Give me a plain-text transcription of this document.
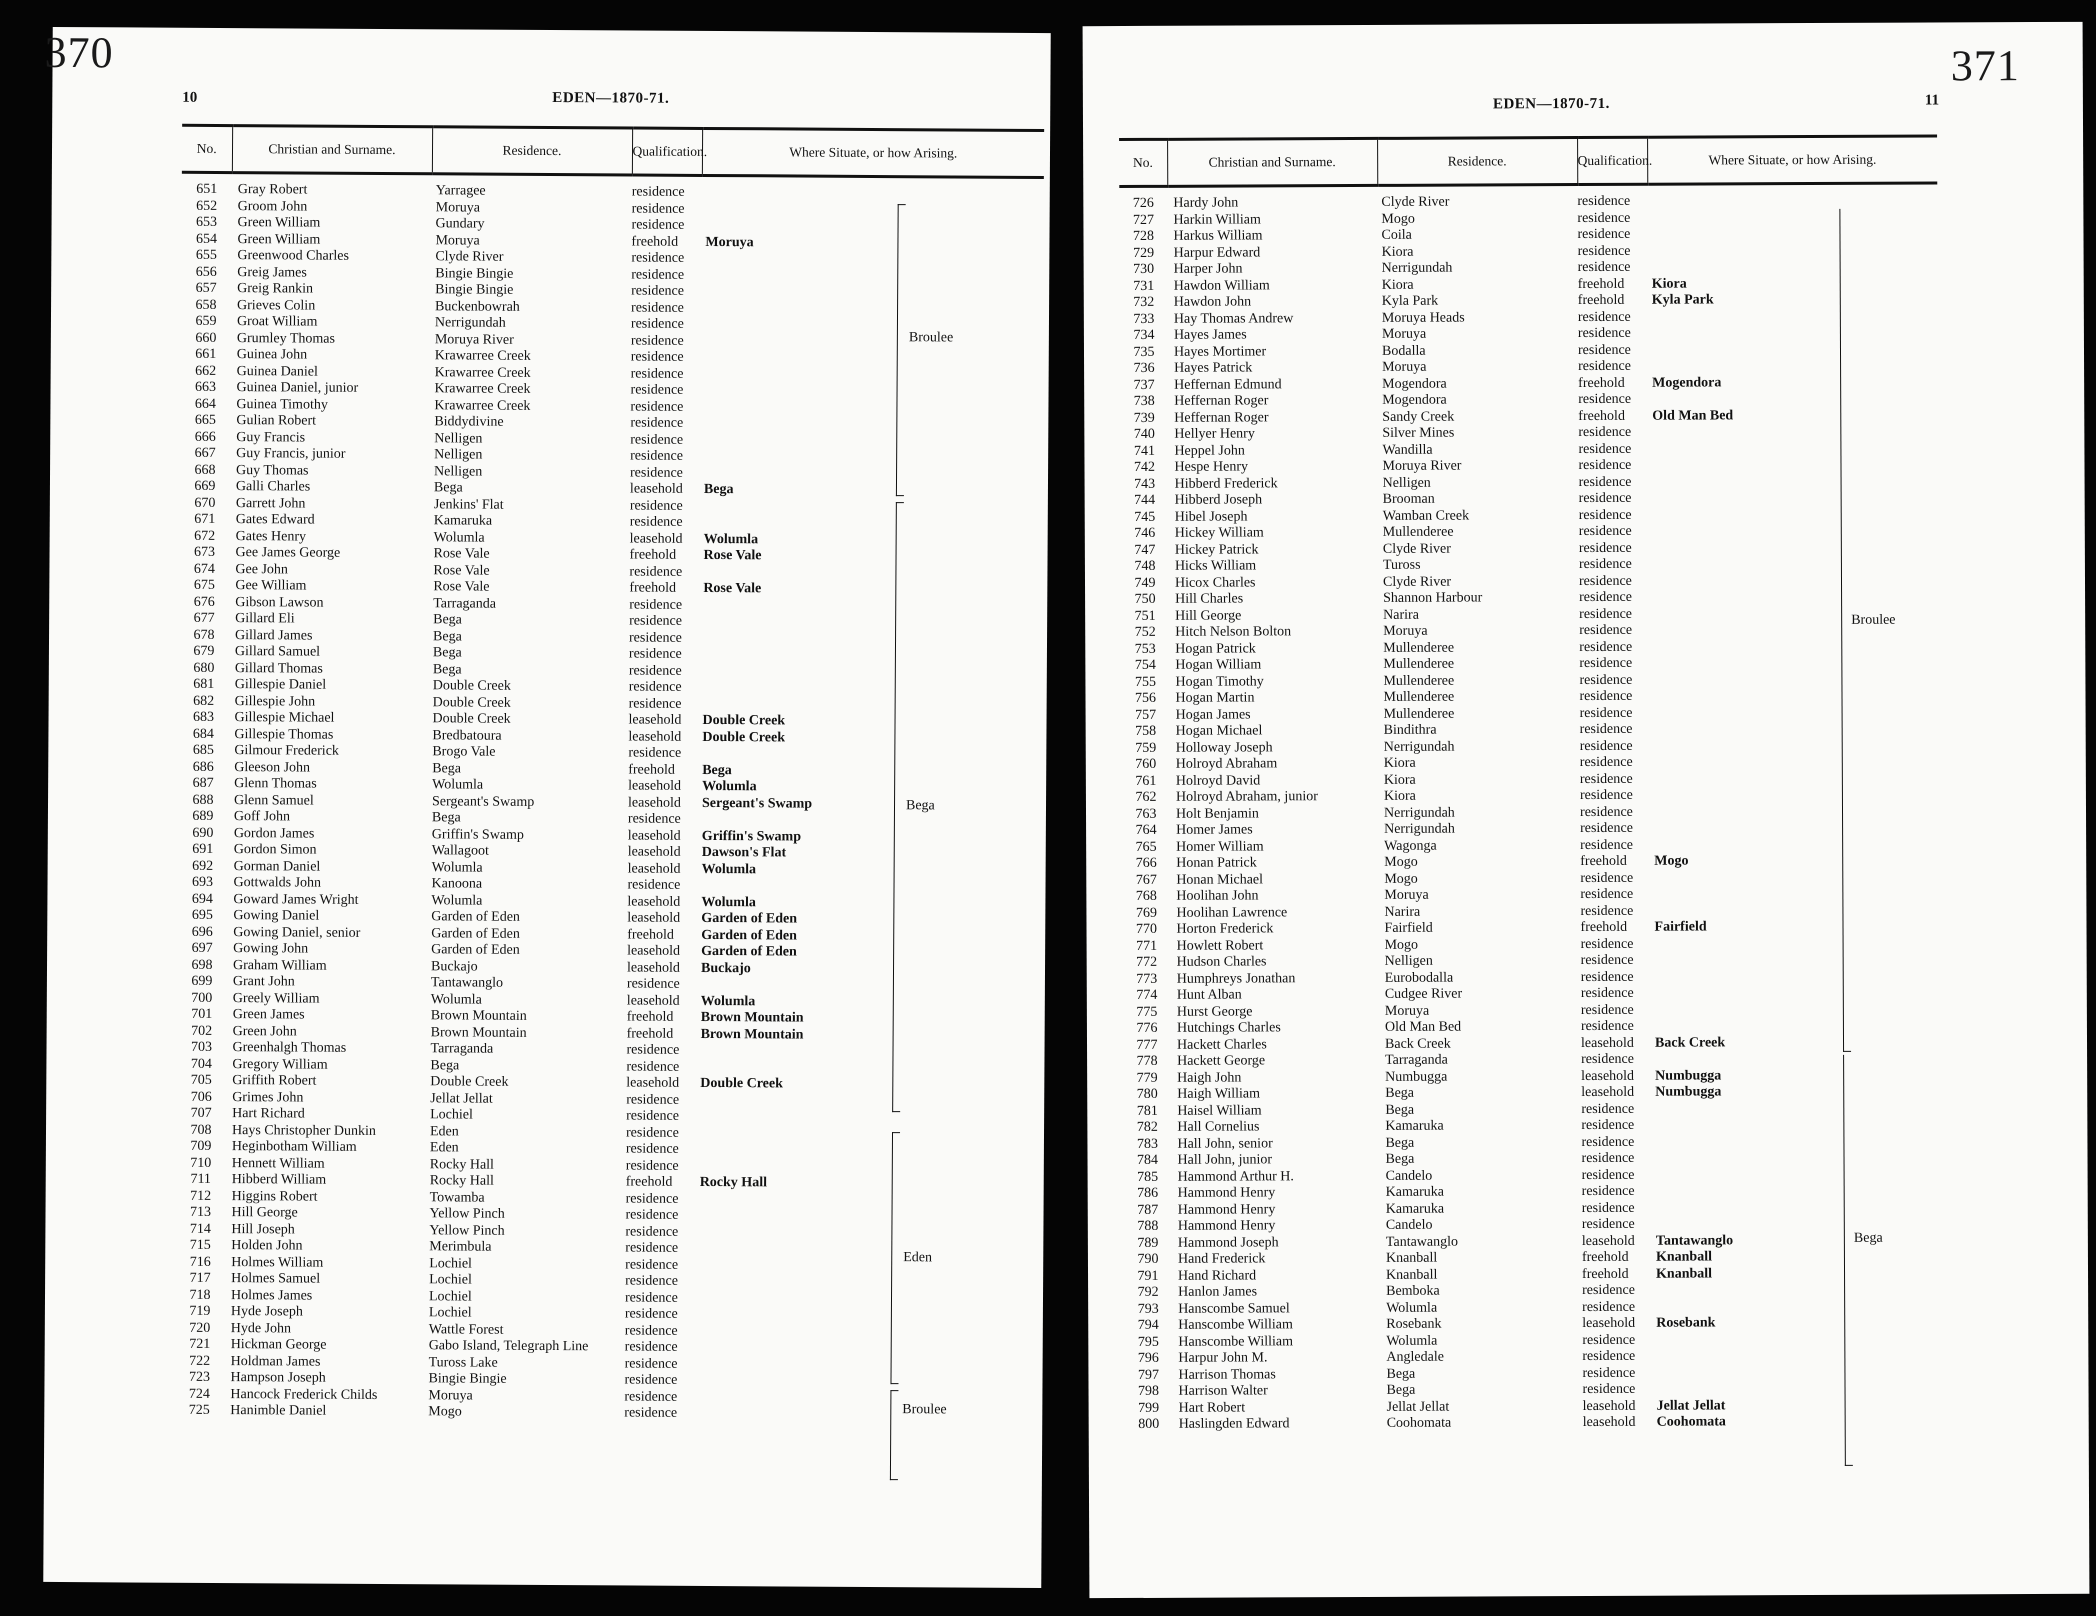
370
10	EDEN—1870-71.
No.	Christian and Surname.	Residence.	Qualification.	Where Situate, or how Arising.

651	Gray Robert	Yarragee	residence	
652	Groom John	Moruya	residence	
653	Green William	Gundary	residence	
654	Green William	Moruya	freehold	Moruya
655	Greenwood Charles	Clyde River	residence	
656	Greig James	Bingie Bingie	residence	
657	Greig Rankin	Bingie Bingie	residence	
658	Grieves Colin	Buckenbowrah	residence	
659	Groat William	Nerrigundah	residence	
660	Grumley Thomas	Moruya River	residence	
661	Guinea John	Krawarree Creek	residence	
662	Guinea Daniel	Krawarree Creek	residence	
663	Guinea Daniel, junior	Krawarree Creek	residence	
664	Guinea Timothy	Krawarree Creek	residence	
665	Gulian Robert	Biddydivine	residence	
666	Guy Francis	Nelligen	residence	
667	Guy Francis, junior	Nelligen	residence	
668	Guy Thomas	Nelligen	residence	
669	Galli Charles	Bega	leasehold	Bega
670	Garrett John	Jenkins' Flat	residence	
671	Gates Edward	Kamaruka	residence	
672	Gates Henry	Wolumla	leasehold	Wolumla
673	Gee James George	Rose Vale	freehold	Rose Vale
674	Gee John	Rose Vale	residence	
675	Gee William	Rose Vale	freehold	Rose Vale
676	Gibson Lawson	Tarraganda	residence	
677	Gillard Eli	Bega	residence	
678	Gillard James	Bega	residence	
679	Gillard Samuel	Bega	residence	
680	Gillard Thomas	Bega	residence	
681	Gillespie Daniel	Double Creek	residence	
682	Gillespie John	Double Creek	residence	
683	Gillespie Michael	Double Creek	leasehold	Double Creek
684	Gillespie Thomas	Bredbatoura	leasehold	Double Creek
685	Gilmour Frederick	Brogo Vale	residence	
686	Gleeson John	Bega	freehold	Bega
687	Glenn Thomas	Wolumla	leasehold	Wolumla
688	Glenn Samuel	Sergeant's Swamp	leasehold	Sergeant's Swamp
689	Goff John	Bega	residence	
690	Gordon James	Griffin's Swamp	leasehold	Griffin's Swamp
691	Gordon Simon	Wallagoot	leasehold	Dawson's Flat
692	Gorman Daniel	Wolumla	leasehold	Wolumla
693	Gottwalds John	Kanoona	residence	
694	Goward James Wright	Wolumla	leasehold	Wolumla
695	Gowing Daniel	Garden of Eden	leasehold	Garden of Eden
696	Gowing Daniel, senior	Garden of Eden	freehold	Garden of Eden
697	Gowing John	Garden of Eden	leasehold	Garden of Eden
698	Graham William	Buckajo	leasehold	Buckajo
699	Grant John	Tantawanglo	residence	
700	Greely William	Wolumla	leasehold	Wolumla
701	Green James	Brown Mountain	freehold	Brown Mountain
702	Green John	Brown Mountain	freehold	Brown Mountain
703	Greenhalgh Thomas	Tarraganda	residence	
704	Gregory William	Bega	residence	
705	Griffith Robert	Double Creek	leasehold	Double Creek
706	Grimes John	Jellat Jellat	residence	
707	Hart Richard	Lochiel	residence	
708	Hays Christopher Dunkin	Eden	residence	
709	Heginbotham William	Eden	residence	
710	Hennett William	Rocky Hall	residence	
711	Hibberd William	Rocky Hall	freehold	Rocky Hall
712	Higgins Robert	Towamba	residence	
713	Hill George	Yellow Pinch	residence	
714	Hill Joseph	Yellow Pinch	residence	
715	Holden John	Merimbula	residence	
716	Holmes William	Lochiel	residence	
717	Holmes Samuel	Lochiel	residence	
718	Holmes James	Lochiel	residence	
719	Hyde Joseph	Lochiel	residence	
720	Hyde John	Wattle Forest	residence	
721	Hickman George	Gabo Island, Telegraph Line	residence	
722	Holdman James	Tuross Lake	residence	
723	Hampson Joseph	Bingie Bingie	residence	
724	Hancock Frederick Childs	Moruya	residence	
725	Hanimble Daniel	Mogo	residence	
Broulee
Bega
Eden
Broulee
371
11
EDEN—1870-71.
No.	Christian and Surname.	Residence.	Qualification.	Where Situate, or how Arising.

726	Hardy John	Clyde River	residence	
727	Harkin William	Mogo	residence	
728	Harkus William	Coila	residence	
729	Harpur Edward	Kiora	residence	
730	Harper John	Nerrigundah	residence	
731	Hawdon William	Kiora	freehold	Kiora
732	Hawdon John	Kyla Park	freehold	Kyla Park
733	Hay Thomas Andrew	Moruya Heads	residence	
734	Hayes James	Moruya	residence	
735	Hayes Mortimer	Bodalla	residence	
736	Hayes Patrick	Moruya	residence	
737	Heffernan Edmund	Mogendora	freehold	Mogendora
738	Heffernan Roger	Mogendora	residence	
739	Heffernan Roger	Sandy Creek	freehold	Old Man Bed
740	Hellyer Henry	Silver Mines	residence	
741	Heppel John	Wandilla	residence	
742	Hespe Henry	Moruya River	residence	
743	Hibberd Frederick	Nelligen	residence	
744	Hibberd Joseph	Brooman	residence	
745	Hibel Joseph	Wamban Creek	residence	
746	Hickey William	Mullenderee	residence	
747	Hickey Patrick	Clyde River	residence	
748	Hicks William	Tuross	residence	
749	Hicox Charles	Clyde River	residence	
750	Hill Charles	Shannon Harbour	residence	
751	Hill George	Narira	residence	
752	Hitch Nelson Bolton	Moruya	residence	
753	Hogan Patrick	Mullenderee	residence	
754	Hogan William	Mullenderee	residence	
755	Hogan Timothy	Mullenderee	residence	
756	Hogan Martin	Mullenderee	residence	
757	Hogan James	Mullenderee	residence	
758	Hogan Michael	Bindithra	residence	
759	Holloway Joseph	Nerrigundah	residence	
760	Holroyd Abraham	Kiora	residence	
761	Holroyd David	Kiora	residence	
762	Holroyd Abraham, junior	Kiora	residence	
763	Holt Benjamin	Nerrigundah	residence	
764	Homer James	Nerrigundah	residence	
765	Homer William	Wagonga	residence	
766	Honan Patrick	Mogo	freehold	Mogo
767	Honan Michael	Mogo	residence	
768	Hoolihan John	Moruya	residence	
769	Hoolihan Lawrence	Narira	residence	
770	Horton Frederick	Fairfield	freehold	Fairfield
771	Howlett Robert	Mogo	residence	
772	Hudson Charles	Nelligen	residence	
773	Humphreys Jonathan	Eurobodalla	residence	
774	Hunt Alban	Cudgee River	residence	
775	Hurst George	Moruya	residence	
776	Hutchings Charles	Old Man Bed	residence	
777	Hackett Charles	Back Creek	leasehold	Back Creek
778	Hackett George	Tarraganda	residence	
779	Haigh John	Numbugga	leasehold	Numbugga
780	Haigh William	Bega	leasehold	Numbugga
781	Haisel William	Bega	residence	
782	Hall Cornelius	Kamaruka	residence	
783	Hall John, senior	Bega	residence	
784	Hall John, junior	Bega	residence	
785	Hammond Arthur H.	Candelo	residence	
786	Hammond Henry	Kamaruka	residence	
787	Hammond Henry	Kamaruka	residence	
788	Hammond Henry	Candelo	residence	
789	Hammond Joseph	Tantawanglo	leasehold	Tantawanglo
790	Hand Frederick	Knanball	freehold	Knanball
791	Hand Richard	Knanball	freehold	Knanball
792	Hanlon James	Bemboka	residence	
793	Hanscombe Samuel	Wolumla	residence	
794	Hanscombe William	Rosebank	leasehold	Rosebank
795	Hanscombe William	Wolumla	residence	
796	Harpur John M.	Angledale	residence	
797	Harrison Thomas	Bega	residence	
798	Harrison Walter	Bega	residence	
799	Hart Robert	Jellat Jellat	leasehold	Jellat Jellat
800	Haslingden Edward	Coohomata	leasehold	Coohomata
Broulee
Bega
